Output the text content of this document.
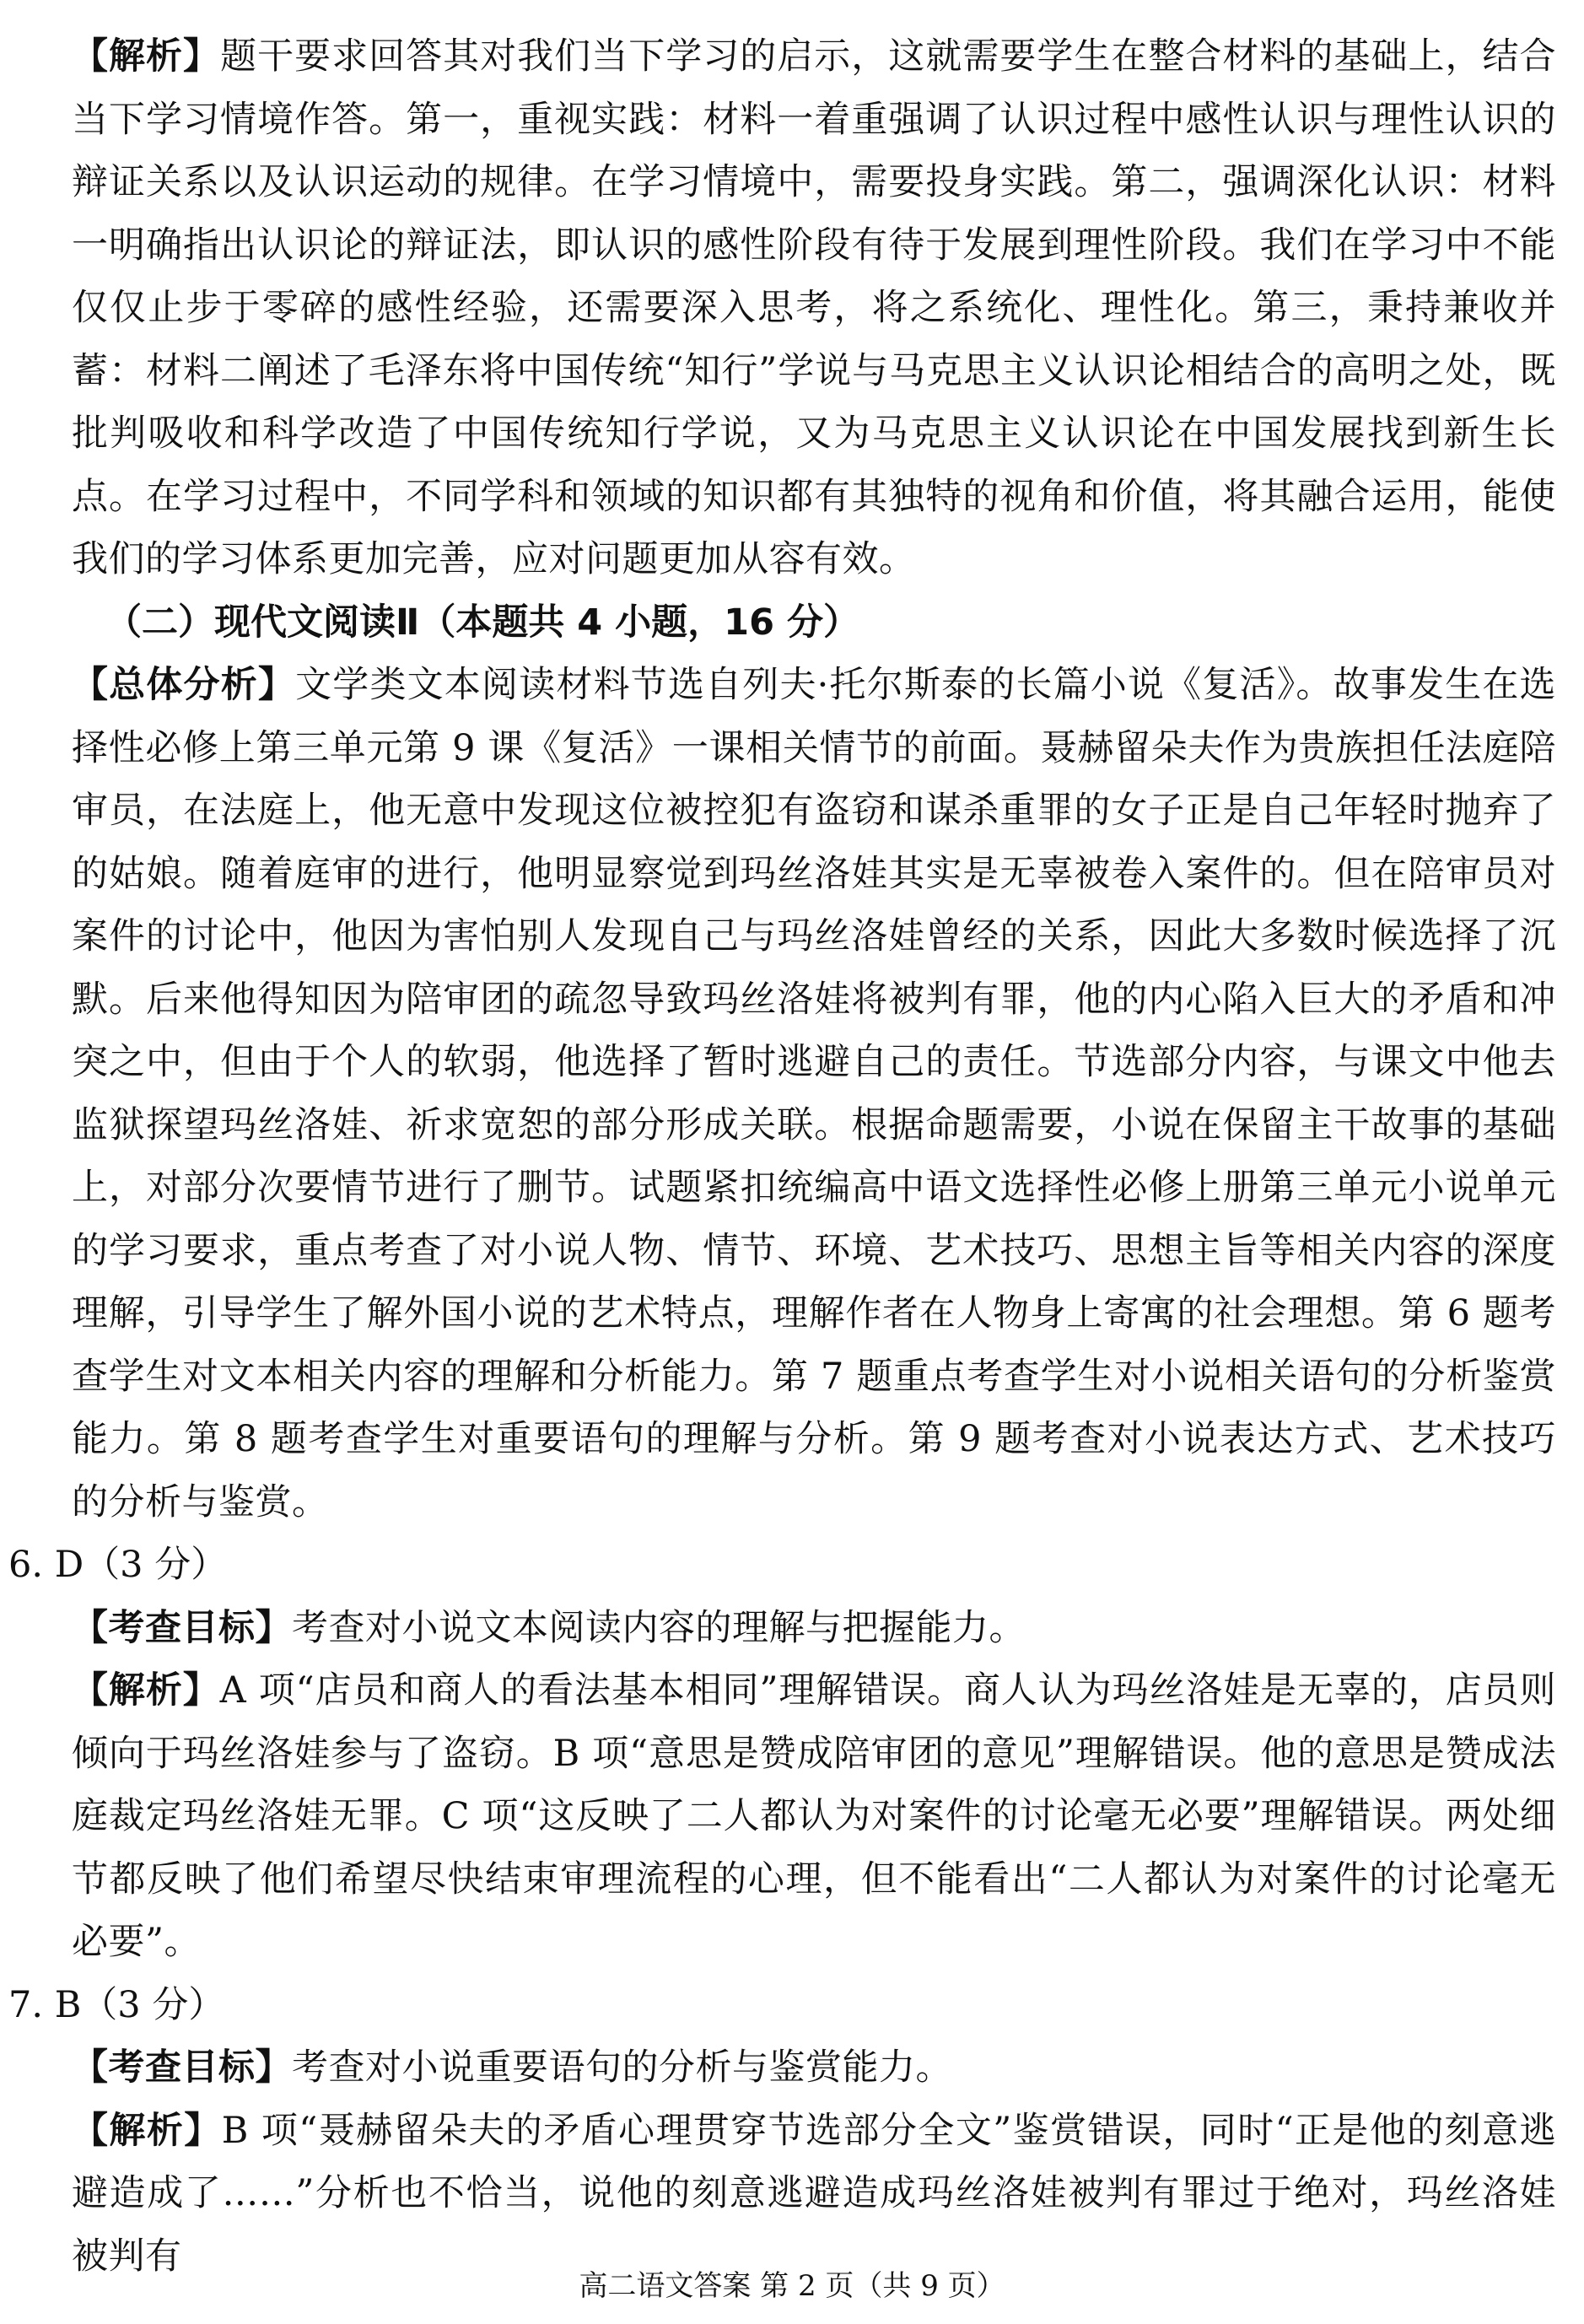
【解析】题干要求回答其对我们当下学习的启示，这就需要学生在整合材料的基础上，结合当下学习情境作答。第一，重视实践：材料一着重强调了认识过程中感性认识与理性认识的辩证关系以及认识运动的规律。在学习情境中，需要投身实践。第二，强调深化认识：材料一明确指出认识论的辩证法，即认识的感性阶段有待于发展到理性阶段。我们在学习中不能仅仅止步于零碎的感性经验，还需要深入思考，将之系统化、理性化。第三，秉持兼收并蓄：材料二阐述了毛泽东将中国传统“知行”学说与马克思主义认识论相结合的高明之处，既批判吸收和科学改造了中国传统知行学说，又为马克思主义认识论在中国发展找到新生长点。在学习过程中，不同学科和领域的知识都有其独特的视角和价值，将其融合运用，能使我们的学习体系更加完善，应对问题更加从容有效。

（二）现代文阅读Ⅱ（本题共 4 小题，16 分）

【总体分析】文学类文本阅读材料节选自列夫·托尔斯泰的长篇小说《复活》。故事发生在选择性必修上第三单元第 9 课《复活》一课相关情节的前面。聂赫留朵夫作为贵族担任法庭陪审员，在法庭上，他无意中发现这位被控犯有盗窃和谋杀重罪的女子正是自己年轻时抛弃了的姑娘。随着庭审的进行，他明显察觉到玛丝洛娃其实是无辜被卷入案件的。但在陪审员对案件的讨论中，他因为害怕别人发现自己与玛丝洛娃曾经的关系，因此大多数时候选择了沉默。后来他得知因为陪审团的疏忽导致玛丝洛娃将被判有罪，他的内心陷入巨大的矛盾和冲突之中，但由于个人的软弱，他选择了暂时逃避自己的责任。节选部分内容，与课文中他去监狱探望玛丝洛娃、祈求宽恕的部分形成关联。根据命题需要，小说在保留主干故事的基础上，对部分次要情节进行了删节。试题紧扣统编高中语文选择性必修上册第三单元小说单元的学习要求，重点考查了对小说人物、情节、环境、艺术技巧、思想主旨等相关内容的深度理解，引导学生了解外国小说的艺术特点，理解作者在人物身上寄寓的社会理想。第 6 题考查学生对文本相关内容的理解和分析能力。第 7 题重点考查学生对小说相关语句的分析鉴赏能力。第 8 题考查学生对重要语句的理解与分析。第 9 题考查对小说表达方式、艺术技巧的分析与鉴赏。

6. D（3 分）

【考查目标】考查对小说文本阅读内容的理解与把握能力。

【解析】A 项“店员和商人的看法基本相同”理解错误。商人认为玛丝洛娃是无辜的，店员则倾向于玛丝洛娃参与了盗窃。B 项“意思是赞成陪审团的意见”理解错误。他的意思是赞成法庭裁定玛丝洛娃无罪。C 项“这反映了二人都认为对案件的讨论毫无必要”理解错误。两处细节都反映了他们希望尽快结束审理流程的心理，但不能看出“二人都认为对案件的讨论毫无必要”。

7. B（3 分）

【考查目标】考查对小说重要语句的分析与鉴赏能力。

【解析】B 项“聂赫留朵夫的矛盾心理贯穿节选部分全文”鉴赏错误，同时“正是他的刻意逃避造成了……”分析也不恰当，说他的刻意逃避造成玛丝洛娃被判有罪过于绝对，玛丝洛娃被判有

高二语文答案 第 2 页（共 9 页）
